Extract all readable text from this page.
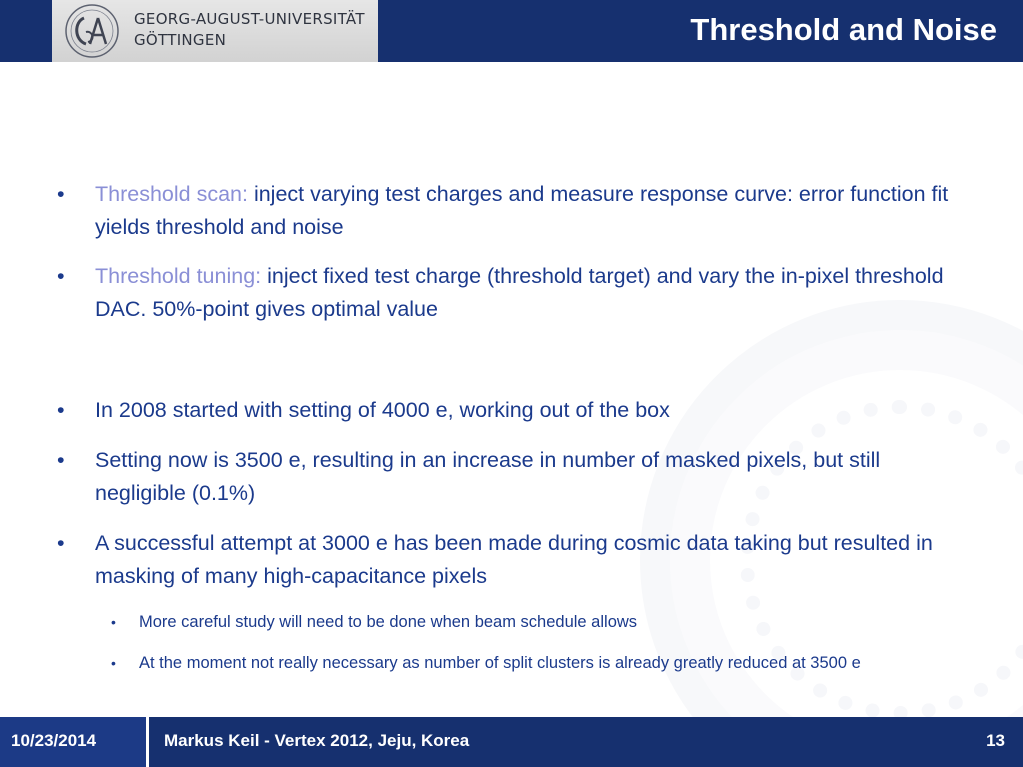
GEORG-AUGUST-UNIVERSITÄT
GÖTTINGEN	Threshold and Noise
•	Threshold scan: inject varying test charges and measure response curve: error function fit yields threshold and noise
•	Threshold tuning: inject fixed test charge (threshold target) and vary the in-pixel threshold DAC. 50%-point gives optimal value
•	In 2008 started with setting of 4000 e, working out of the box
•	Setting now is 3500 e, resulting in an increase in number of masked pixels, but still negligible (0.1%)
•	A successful attempt at 3000 e has been made during cosmic data taking but resulted in masking of many high-capacitance pixels
• More careful study will need to be done when beam schedule allows
• At the moment not really necessary as number of split clusters is already greatly reduced at 3500 e
10/23/2014	Markus Keil - Vertex 2012, Jeju, Korea	13
